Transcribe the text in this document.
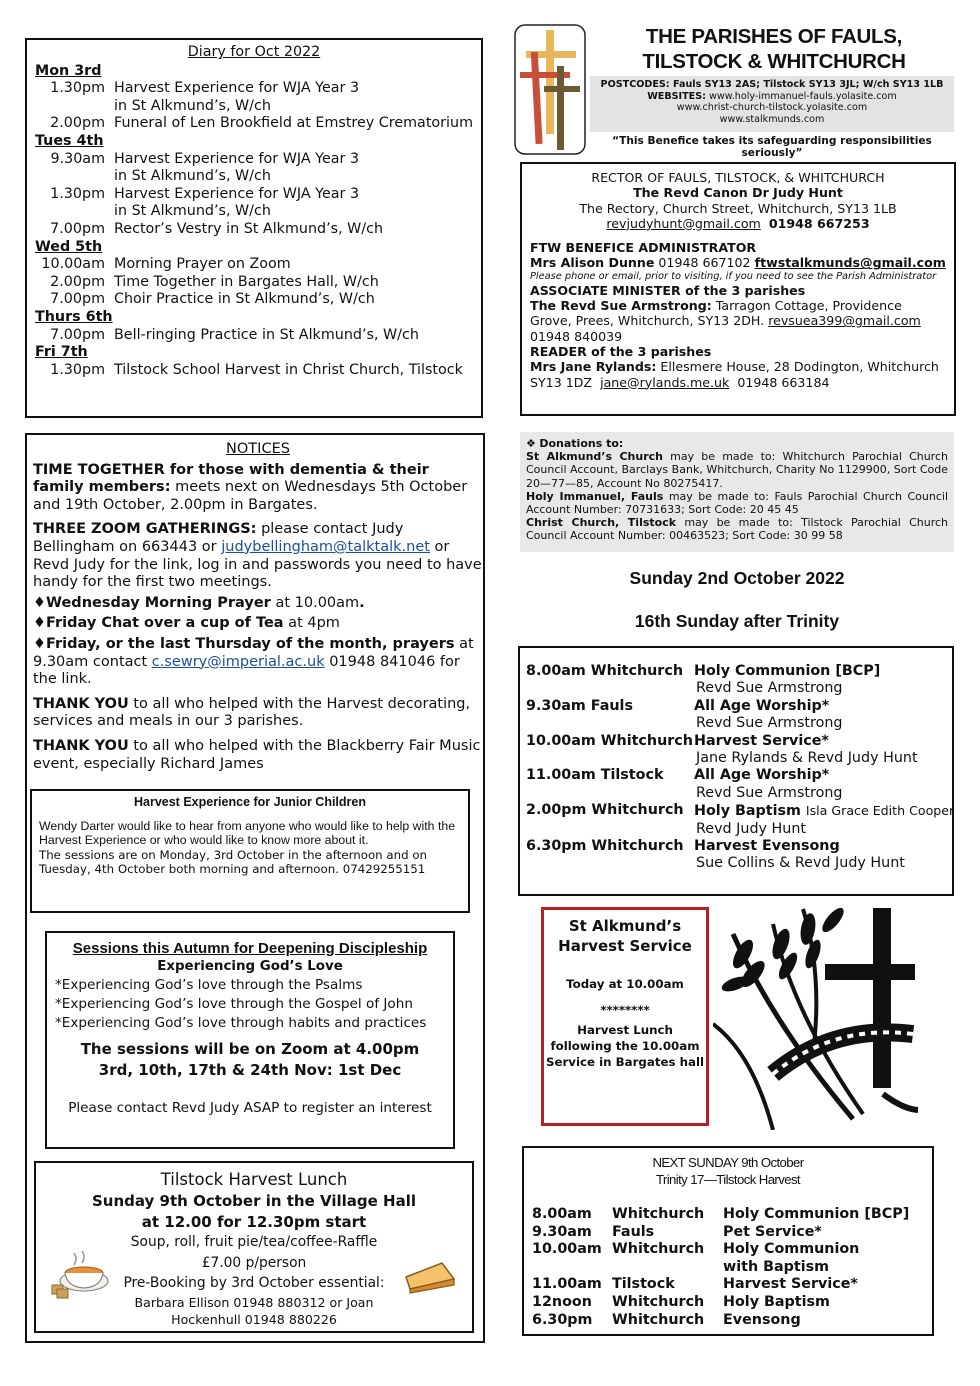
Diary for Oct 2022
Mon 3rd
1.30pm Harvest Experience for WJA Year 3
in St Alkmund’s, W/ch
2.00pm Funeral of Len Brookfield at Emstrey Crematorium
Tues 4th
9.30am Harvest Experience for WJA Year 3
in St Alkmund’s, W/ch
1.30pm Harvest Experience for WJA Year 3
in St Alkmund’s, W/ch
7.00pm Rector’s Vestry in St Alkmund’s, W/ch
Wed 5th
10.00am Morning Prayer on Zoom
2.00pm Time Together in Bargates Hall, W/ch
7.00pm Choir Practice in St Alkmund’s, W/ch
Thurs 6th
7.00pm Bell-ringing Practice in St Alkmund’s, W/ch
Fri 7th
1.30pm Tilstock School Harvest in Christ Church, Tilstock
THE PARISHES OF FAULS,
TILSTOCK & WHITCHURCH
POSTCODES: Fauls SY13 2AS; Tilstock SY13 3JL; W/ch SY13 1LB
WEBSITES: www.holy-immanuel-fauls.yolasite.com
www.christ-church-tilstock.yolasite.com
www.stalkmunds.com
“This Benefice takes its safeguarding responsibilities seriously”
RECTOR OF FAULS, TILSTOCK, & WHITCHURCH
The Revd Canon Dr Judy Hunt
The Rectory, Church Street, Whitchurch, SY13 1LB
revjudyhunt@gmail.com 01948 667253
FTW BENEFICE ADMINISTRATOR
Mrs Alison Dunne 01948 667102 ftwstalkmunds@gmail.com
Please phone or email, prior to visiting, if you need to see the Parish Administrator
ASSOCIATE MINISTER of the 3 parishes
The Revd Sue Armstrong: Tarragon Cottage, Providence Grove, Prees, Whitchurch, SY13 2DH. revsuea399@gmail.com
01948 840039
READER of the 3 parishes
Mrs Jane Rylands: Ellesmere House, 28 Dodington, Whitchurch SY13 1DZ jane@rylands.me.uk 01948 663184
NOTICES

TIME TOGETHER for those with dementia & their family members: meets next on Wednesdays 5th October and 19th October, 2.00pm in Bargates.

THREE ZOOM GATHERINGS: please contact Judy Bellingham on 663443 or judybellingham@talktalk.net or Revd Judy for the link, log in and passwords you need to have handy for the first two meetings.

♦Wednesday Morning Prayer at 10.00am.

♦Friday Chat over a cup of Tea at 4pm

♦Friday, or the last Thursday of the month, prayers at 9.30am contact c.sewry@imperial.ac.uk 01948 841046 for the link.

THANK YOU to all who helped with the Harvest decorating, services and meals in our 3 parishes.

THANK YOU to all who helped with the Blackberry Fair Music event, especially Richard James

Harvest Experience for Junior Children
Wendy Darter would like to hear from anyone who would like to help with the Harvest Experience or who would like to know more about it.
The sessions are on Monday, 3rd October in the afternoon and on Tuesday, 4th October both morning and afternoon. 07429255151
Sessions this Autumn for Deepening Discipleship
Experiencing God’s Love
*Experiencing God’s love through the Psalms
*Experiencing God’s love through the Gospel of John
*Experiencing God’s love through habits and practices
The sessions will be on Zoom at 4.00pm
3rd, 10th, 17th & 24th Nov: 1st Dec
Please contact Revd Judy ASAP to register an interest
Tilstock Harvest Lunch
Sunday 9th October in the Village Hall
at 12.00 for 12.30pm start
Soup, roll, fruit pie/tea/coffee-Raffle
£7.00 p/person
Pre-Booking by 3rd October essential:
Barbara Ellison 01948 880312 or Joan
Hockenhull 01948 880226
❖ Donations to:
St Alkmund’s Church may be made to: Whitchurch Parochial Church Council Account, Barclays Bank, Whitchurch, Charity No 1129900, Sort Code 20—77—85, Account No 80275417.
Holy Immanuel, Fauls may be made to: Fauls Parochial Church Council Account Number: 70731633; Sort Code: 20 45 45
Christ Church, Tilstock may be made to: Tilstock Parochial Church Council Account Number: 00463523; Sort Code: 30 99 58
Sunday 2nd October 2022
16th Sunday after Trinity
8.00am Whitchurch Holy Communion [BCP]
Revd Sue Armstrong
9.30am Fauls	All Age Worship*
Revd Sue Armstrong
10.00am Whitchurch Harvest Service*
Jane Rylands & Revd Judy Hunt
11.00am Tilstock	All Age Worship*
Revd Sue Armstrong
2.00pm Whitchurch Holy Baptism Isla Grace Edith Cooper
Revd Judy Hunt
6.30pm Whitchurch Harvest Evensong
Sue Collins & Revd Judy Hunt
St Alkmund’s
Harvest Service
Today at 10.00am
********
Harvest Lunch
following the 10.00am
Service in Bargates hall
NEXT SUNDAY 9th October
Trinity 17—Tilstock Harvest
8.00am	Whitchurch	Holy Communion [BCP]
9.30am	Fauls	Pet Service*
10.00am Whitchurch	Holy Communion
with Baptism
11.00am Tilstock	Harvest Service*
12noon	Whitchurch	Holy Baptism
6.30pm	Whitchurch	Evensong
